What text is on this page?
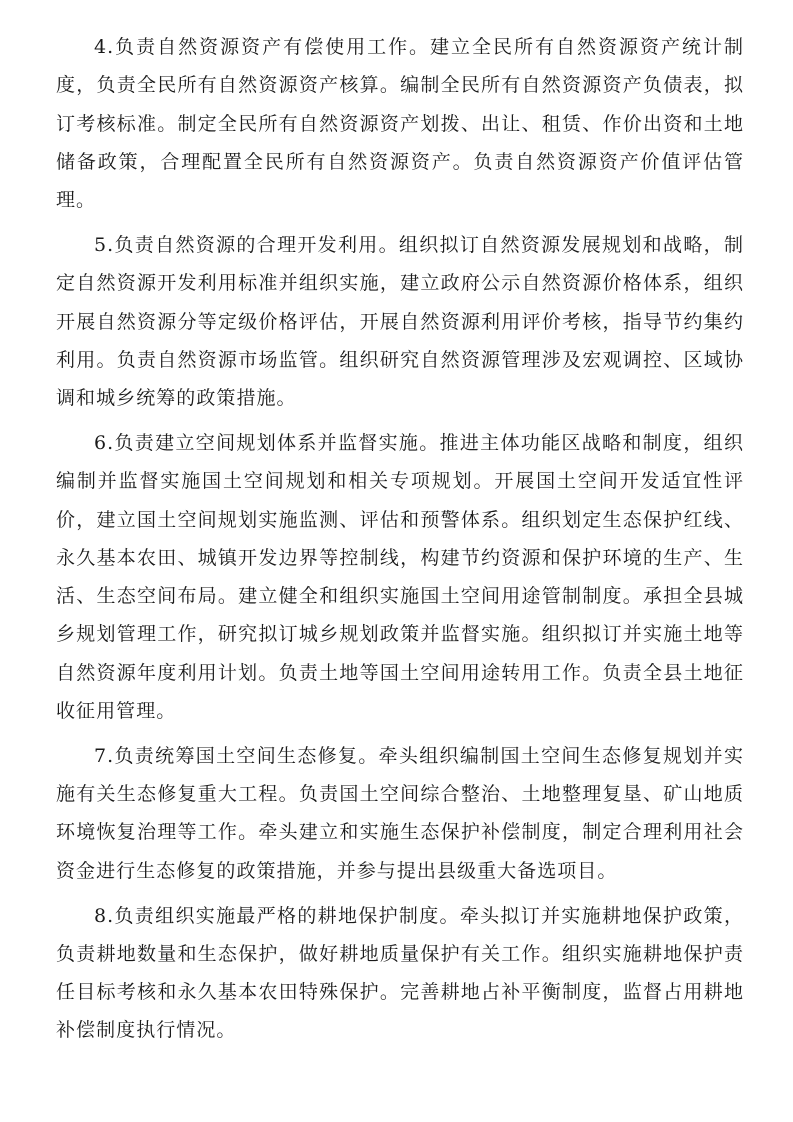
4.负责自然资源资产有偿使用工作。建立全民所有自然资源资产统计制度，负责全民所有自然资源资产核算。编制全民所有自然资源资产负债表，拟订考核标准。制定全民所有自然资源资产划拨、出让、租赁、作价出资和土地储备政策，合理配置全民所有自然资源资产。负责自然资源资产价值评估管理。

5.负责自然资源的合理开发利用。组织拟订自然资源发展规划和战略，制定自然资源开发利用标准并组织实施，建立政府公示自然资源价格体系，组织开展自然资源分等定级价格评估，开展自然资源利用评价考核，指导节约集约利用。负责自然资源市场监管。组织研究自然资源管理涉及宏观调控、区域协调和城乡统筹的政策措施。

6.负责建立空间规划体系并监督实施。推进主体功能区战略和制度，组织编制并监督实施国土空间规划和相关专项规划。开展国土空间开发适宜性评价，建立国土空间规划实施监测、评估和预警体系。组织划定生态保护红线、永久基本农田、城镇开发边界等控制线，构建节约资源和保护环境的生产、生活、生态空间布局。建立健全和组织实施国土空间用途管制制度。承担全县城乡规划管理工作，研究拟订城乡规划政策并监督实施。组织拟订并实施土地等自然资源年度利用计划。负责土地等国土空间用途转用工作。负责全县土地征收征用管理。

7.负责统筹国土空间生态修复。牵头组织编制国土空间生态修复规划并实施有关生态修复重大工程。负责国土空间综合整治、土地整理复垦、矿山地质环境恢复治理等工作。牵头建立和实施生态保护补偿制度，制定合理利用社会资金进行生态修复的政策措施，并参与提出县级重大备选项目。

8.负责组织实施最严格的耕地保护制度。牵头拟订并实施耕地保护政策，负责耕地数量和生态保护，做好耕地质量保护有关工作。组织实施耕地保护责任目标考核和永久基本农田特殊保护。完善耕地占补平衡制度，监督占用耕地补偿制度执行情况。
